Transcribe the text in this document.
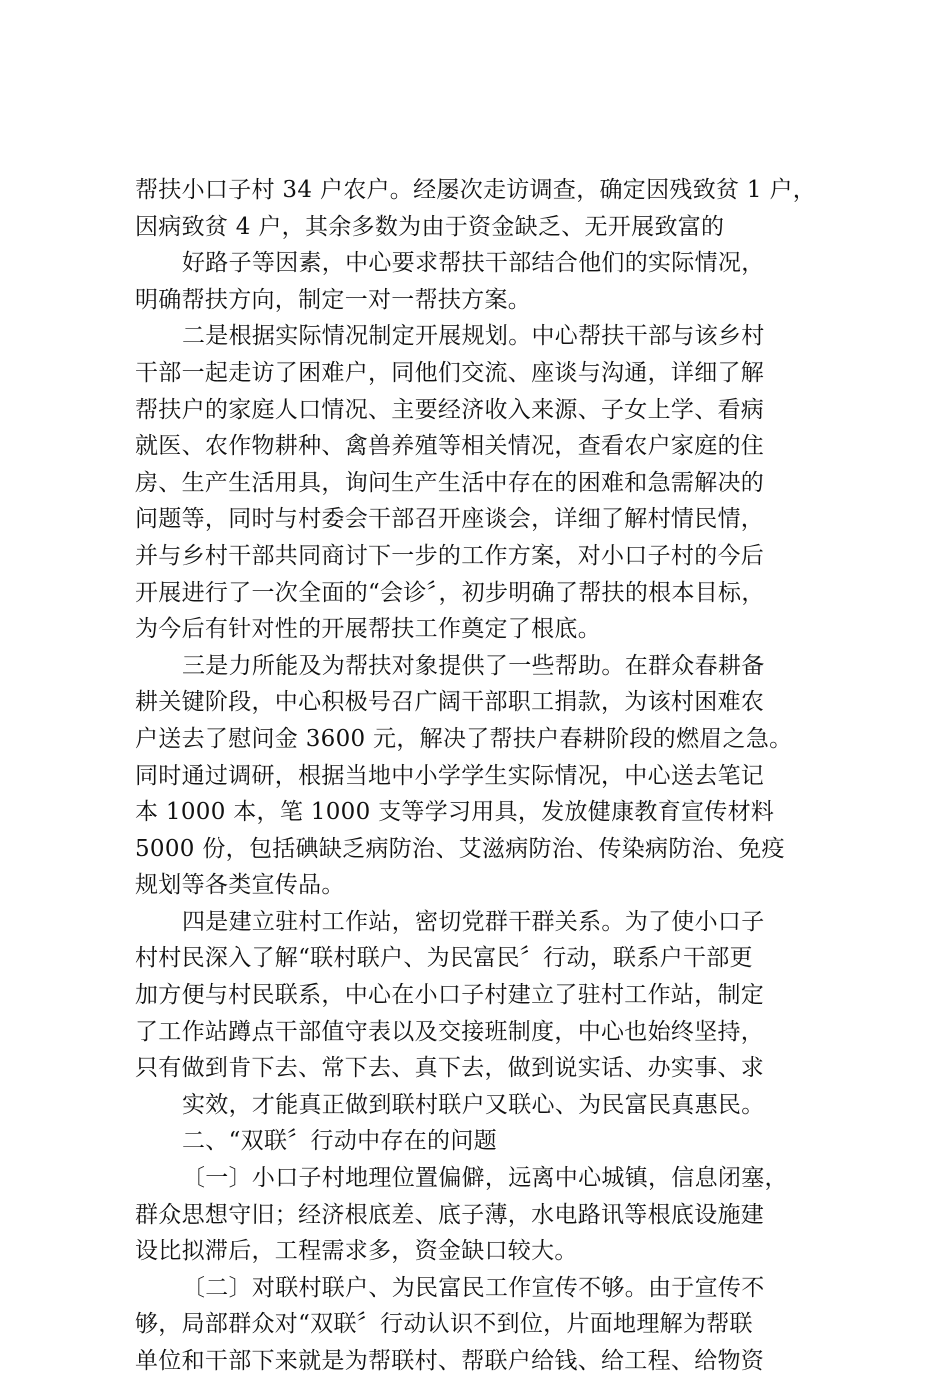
帮扶小口子村 34 户农户。经屡次走访调查，确定因残致贫 1 户，
因病致贫 4 户，其余多数为由于资金缺乏、无开展致富的
好路子等因素，中心要求帮扶干部结合他们的实际情况，
明确帮扶方向，制定一对一帮扶方案。
二是根据实际情况制定开展规划。中心帮扶干部与该乡村
干部一起走访了困难户，同他们交流、座谈与沟通，详细了解
帮扶户的家庭人口情况、主要经济收入来源、子女上学、看病
就医、农作物耕种、禽兽养殖等相关情况，查看农户家庭的住
房、生产生活用具，询问生产生活中存在的困难和急需解决的
问题等，同时与村委会干部召开座谈会，详细了解村情民情，
并与乡村干部共同商讨下一步的工作方案，对小口子村的今后
开展进行了一次全面的“会诊〞，初步明确了帮扶的根本目标，
为今后有针对性的开展帮扶工作奠定了根底。
三是力所能及为帮扶对象提供了一些帮助。在群众春耕备
耕关键阶段，中心积极号召广阔干部职工捐款，为该村困难农
户送去了慰问金 3600 元，解决了帮扶户春耕阶段的燃眉之急。
同时通过调研，根据当地中小学学生实际情况，中心送去笔记
本 1000 本，笔 1000 支等学习用具，发放健康教育宣传材料
5000 份，包括碘缺乏病防治、艾滋病防治、传染病防治、免疫
规划等各类宣传品。
四是建立驻村工作站，密切党群干群关系。为了使小口子
村村民深入了解“联村联户、为民富民〞行动，联系户干部更
加方便与村民联系，中心在小口子村建立了驻村工作站，制定
了工作站蹲点干部值守表以及交接班制度，中心也始终坚持，
只有做到肯下去、常下去、真下去，做到说实话、办实事、求
实效，才能真正做到联村联户又联心、为民富民真惠民。
二、“双联〞行动中存在的问题
〔一〕小口子村地理位置偏僻，远离中心城镇，信息闭塞，
群众思想守旧；经济根底差、底子薄，水电路讯等根底设施建
设比拟滞后，工程需求多，资金缺口较大。
〔二〕对联村联户、为民富民工作宣传不够。由于宣传不
够，局部群众对“双联〞行动认识不到位，片面地理解为帮联
单位和干部下来就是为帮联村、帮联户给钱、给工程、给物资
